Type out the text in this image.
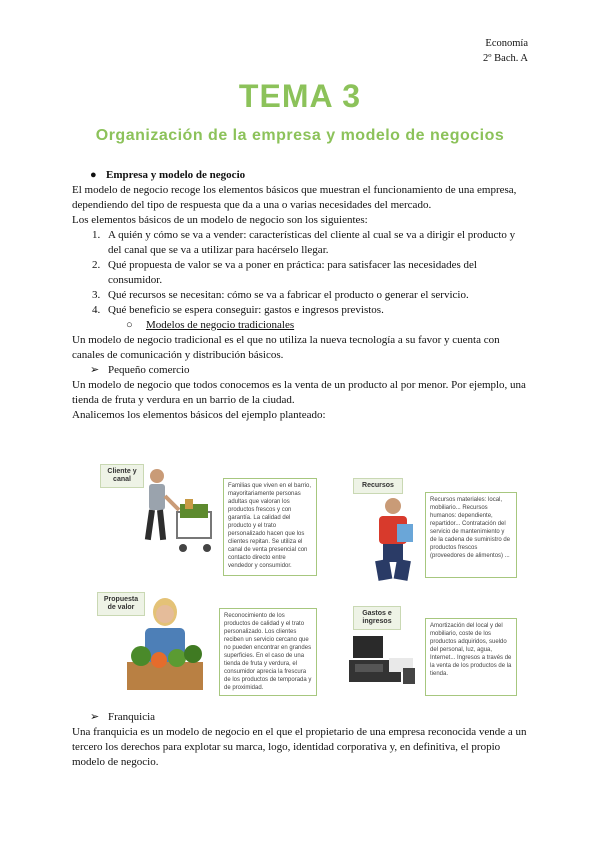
Economía
2º Bach. A
TEMA 3
Organización de la empresa y modelo de negocios

● Empresa y modelo de negocio

El modelo de negocio recoge los elementos básicos que muestran el funcionamiento de una empresa, dependiendo del tipo de respuesta que da a una o varias necesidades del mercado.

Los elementos básicos de un modelo de negocio son los siguientes:

1. A quién y cómo se va a vender: características del cliente al cual se va a dirigir el producto y del canal que se va a utilizar para hacérselo llegar.
2. Qué propuesta de valor se va a poner en práctica: para satisfacer las necesidades del consumidor.
3. Qué recursos se necesitan: cómo se va a fabricar el producto o generar el servicio.
4. Qué beneficio se espera conseguir: gastos e ingresos previstos.

○ Modelos de negocio tradicionales

Un modelo de negocio tradicional es el que no utiliza la nueva tecnología a su favor y cuenta con canales de comunicación y distribución básicos.

➢ Pequeño comercio

Un modelo de negocio que todos conocemos es la venta de un producto al por menor. Por ejemplo, una tienda de fruta y verdura en un barrio de la ciudad.

Analicemos los elementos básicos del ejemplo planteado:

Cliente y canal
Familias que viven en el barrio, mayoritariamente personas adultas que valoran los productos frescos y con garantía. La calidad del producto y el trato personalizado hacen que los clientes repitan. Se utiliza el canal de venta presencial con contacto directo entre vendedor y consumidor.
Recursos
Recursos materiales: local, mobiliario... Recursos humanos: dependiente, repartidor... Contratación del servicio de mantenimiento y de la cadena de suministro de productos frescos (proveedores de alimentos) ...
Propuesta de valor
Reconocimiento de los productos de calidad y el trato personalizado. Los clientes reciben un servicio cercano que no pueden encontrar en grandes superficies. En el caso de una tienda de fruta y verdura, el consumidor aprecia la frescura de los productos de temporada y de proximidad.
Gastos e ingresos
Amortización del local y del mobiliario, coste de los productos adquiridos, sueldo del personal, luz, agua, Internet... Ingresos a través de la venta de los productos de la tienda.

➢ Franquicia

Una franquicia es un modelo de negocio en el que el propietario de una empresa reconocida vende a un tercero los derechos para explotar su marca, logo, identidad corporativa y, en definitiva, el propio modelo de negocio.
